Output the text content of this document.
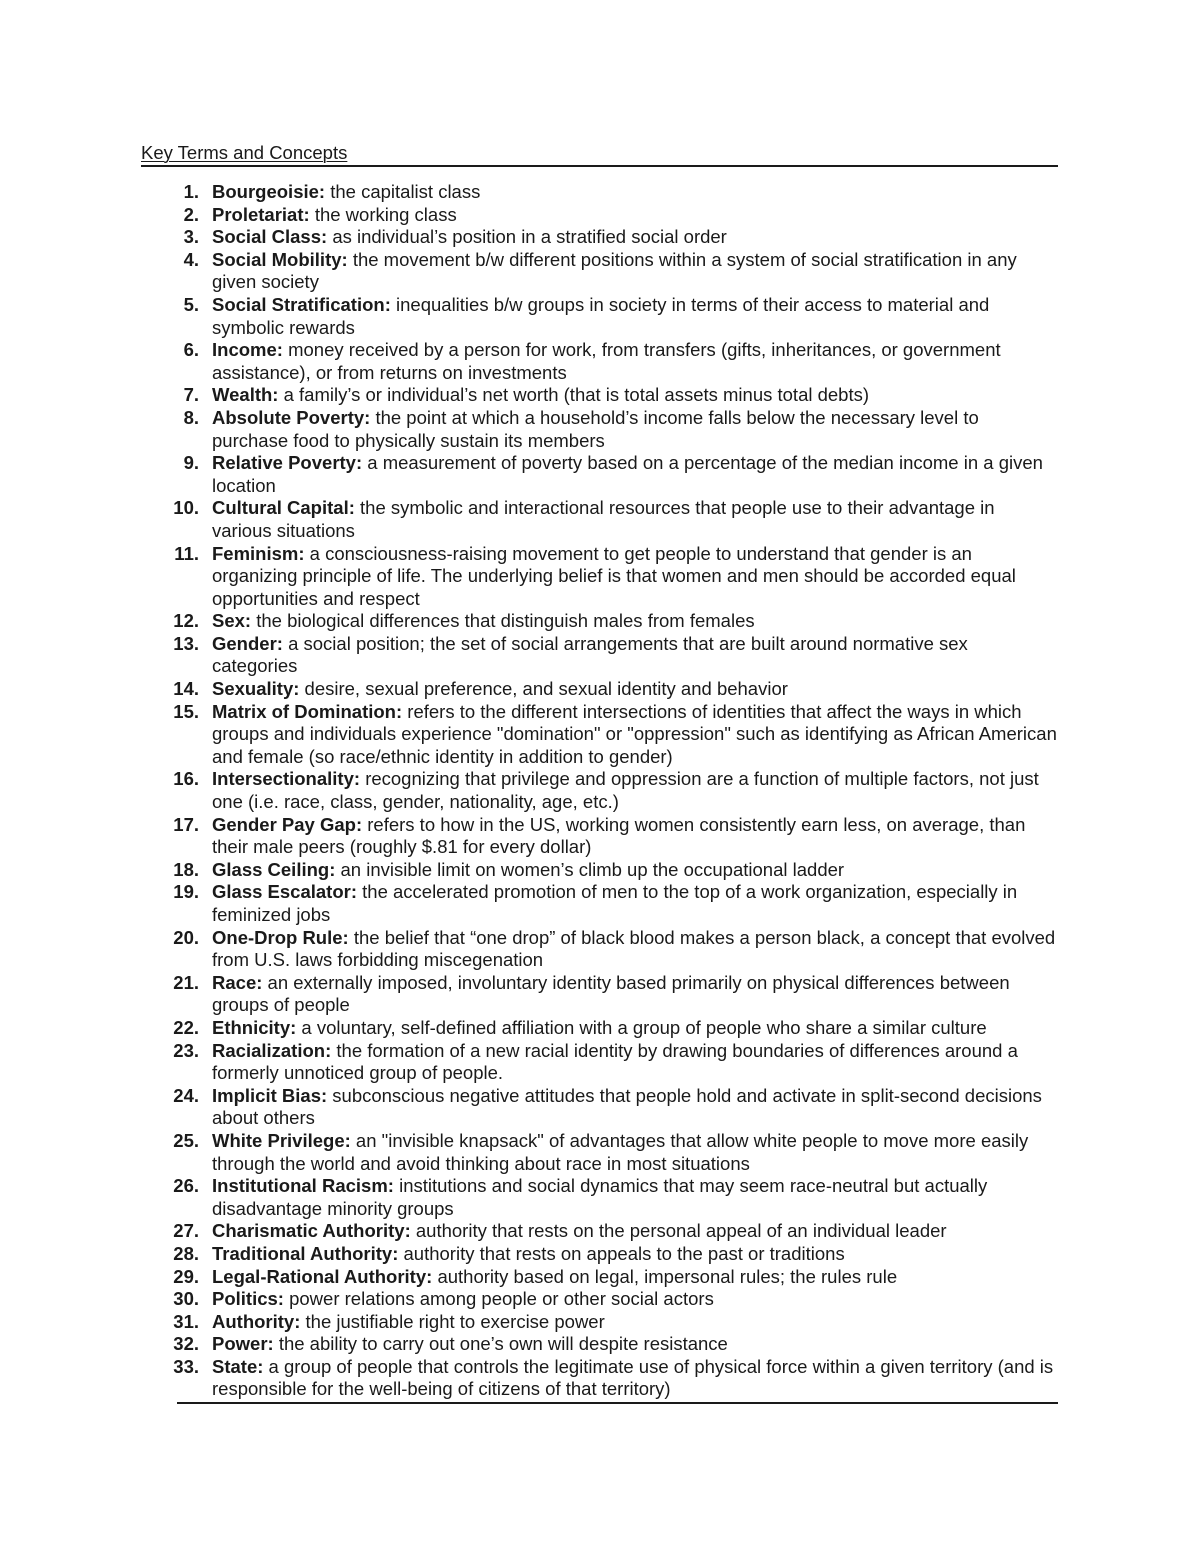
Key Terms and Concepts
1. Bourgeoisie: the capitalist class
2. Proletariat: the working class
3. Social Class: as individual’s position in a stratified social order
4. Social Mobility: the movement b/w different positions within a system of social stratification in any given society
5. Social Stratification: inequalities b/w groups in society in terms of their access to material and symbolic rewards
6. Income: money received by a person for work, from transfers (gifts, inheritances, or government assistance), or from returns on investments
7. Wealth: a family’s or individual’s net worth (that is total assets minus total debts)
8. Absolute Poverty: the point at which a household’s income falls below the necessary level to purchase food to physically sustain its members
9. Relative Poverty: a measurement of poverty based on a percentage of the median income in a given location
10. Cultural Capital: the symbolic and interactional resources that people use to their advantage in various situations
11. Feminism: a consciousness-raising movement to get people to understand that gender is an organizing principle of life. The underlying belief is that women and men should be accorded equal opportunities and respect
12. Sex: the biological differences that distinguish males from females
13. Gender: a social position; the set of social arrangements that are built around normative sex categories
14. Sexuality: desire, sexual preference, and sexual identity and behavior
15. Matrix of Domination: refers to the different intersections of identities that affect the ways in which groups and individuals experience "domination" or "oppression" such as identifying as African American and female (so race/ethnic identity in addition to gender)
16. Intersectionality: recognizing that privilege and oppression are a function of multiple factors, not just one (i.e. race, class, gender, nationality, age, etc.)
17. Gender Pay Gap: refers to how in the US, working women consistently earn less, on average, than their male peers (roughly $.81 for every dollar)
18. Glass Ceiling: an invisible limit on women’s climb up the occupational ladder
19. Glass Escalator: the accelerated promotion of men to the top of a work organization, especially in feminized jobs
20. One-Drop Rule: the belief that “one drop” of black blood makes a person black, a concept that evolved from U.S. laws forbidding miscegenation
21. Race: an externally imposed, involuntary identity based primarily on physical differences between groups of people
22. Ethnicity: a voluntary, self-defined affiliation with a group of people who share a similar culture
23. Racialization: the formation of a new racial identity by drawing boundaries of differences around a formerly unnoticed group of people.
24. Implicit Bias: subconscious negative attitudes that people hold and activate in split-second decisions about others
25. White Privilege: an "invisible knapsack" of advantages that allow white people to move more easily through the world and avoid thinking about race in most situations
26. Institutional Racism: institutions and social dynamics that may seem race-neutral but actually disadvantage minority groups
27. Charismatic Authority: authority that rests on the personal appeal of an individual leader
28. Traditional Authority: authority that rests on appeals to the past or traditions
29. Legal-Rational Authority: authority based on legal, impersonal rules; the rules rule
30. Politics: power relations among people or other social actors
31. Authority: the justifiable right to exercise power
32. Power: the ability to carry out one’s own will despite resistance
33. State: a group of people that controls the legitimate use of physical force within a given territory (and is responsible for the well-being of citizens of that territory)
